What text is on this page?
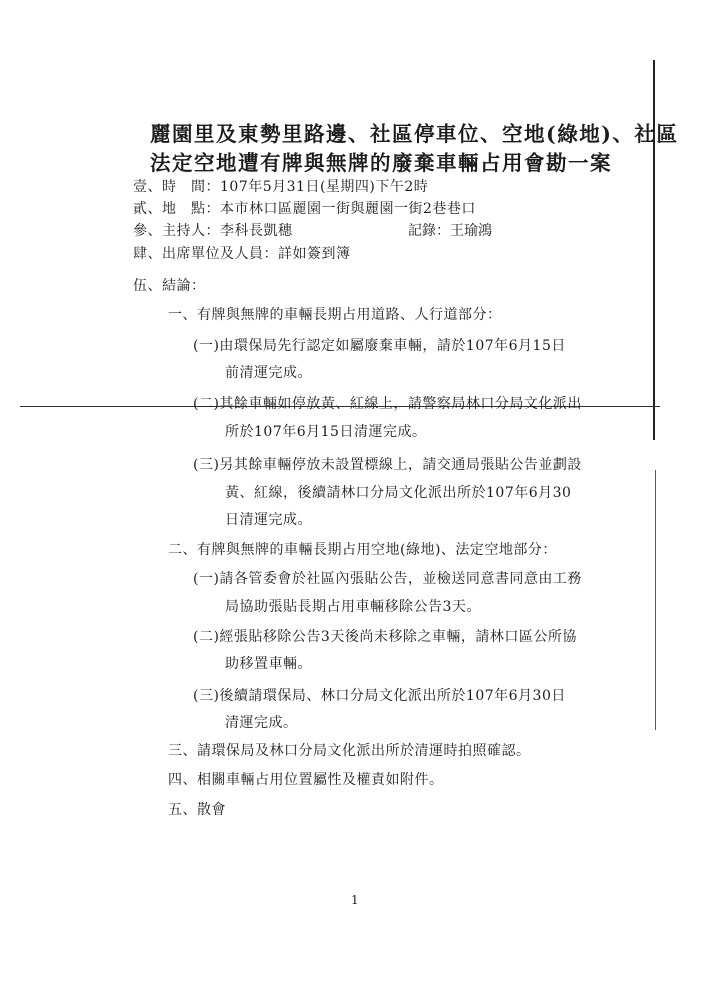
麗園里及東勢里路邊、社區停車位、空地(綠地)、社區
法定空地遭有牌與無牌的廢棄車輛占用會勘一案
壹、時　間：107年5月31日(星期四)下午2時
貳、地　點：本市林口區麗園一街與麗園一街2巷巷口
參、主持人：李科長凱穗	記錄：王瑜鴻
肆、出席單位及人員：詳如簽到簿
伍、結論：
一、有牌與無牌的車輛長期占用道路、人行道部分：
(一)由環保局先行認定如屬廢棄車輛，請於107年6月15日
前清運完成。
(二)其餘車輛如停放黃、紅線上，請警察局林口分局文化派出
所於107年6月15日清運完成。
(三)另其餘車輛停放未設置標線上，請交通局張貼公告並劃設
黃、紅線，後續請林口分局文化派出所於107年6月30
日清運完成。
二、有牌與無牌的車輛長期占用空地(綠地)、法定空地部分：
(一)請各管委會於社區內張貼公告，並檢送同意書同意由工務
局協助張貼長期占用車輛移除公告3天。
(二)經張貼移除公告3天後尚未移除之車輛，請林口區公所協
助移置車輛。
(三)後續請環保局、林口分局文化派出所於107年6月30日
清運完成。
三、請環保局及林口分局文化派出所於清運時拍照確認。
四、相關車輛占用位置屬性及權責如附件。
五、散會
1
